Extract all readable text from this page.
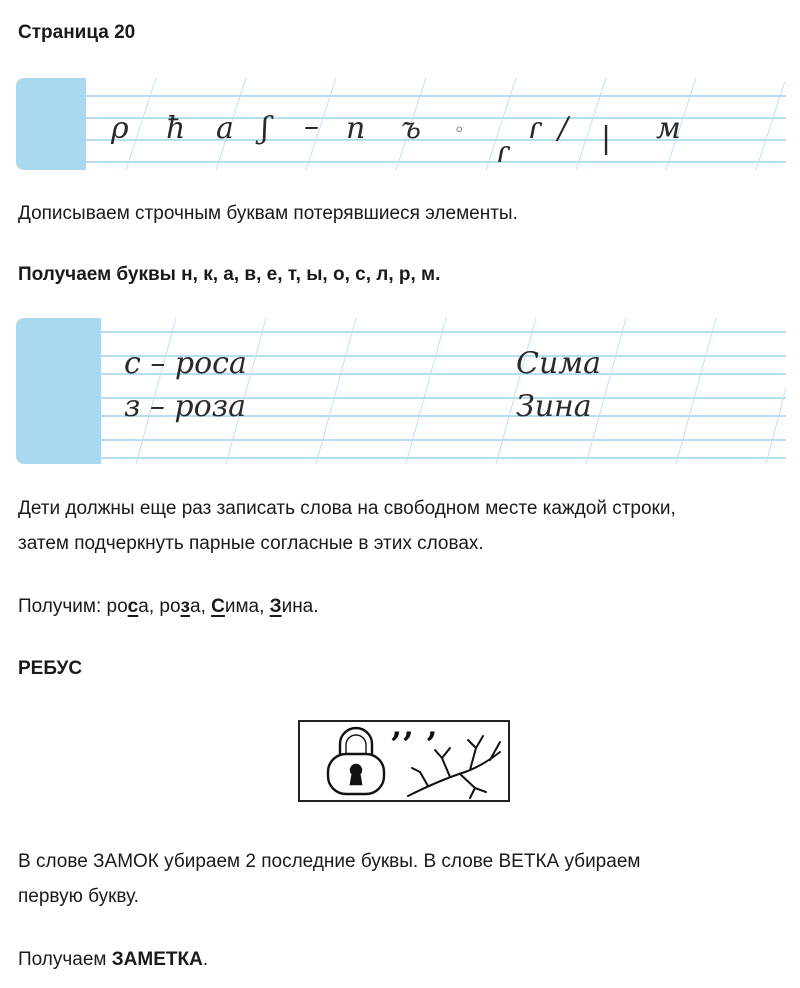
Страница 20
ρ ħ a ʃ – n ъ ◦
ɾ
ɾ / | м
Дописываем строчным буквам потерявшиеся элементы.
Получаем буквы н, к, а, в, е, т, ы, о, с, л, р, м.
с – роса
з – роза
Сима
Зина
Дети должны еще раз записать слова на свободном месте каждой строки,
затем подчеркнуть парные согласные в этих словах.
Получим: роса, роза, Сима, Зина.
РЕБУС
’’ ’
В слове ЗАМОК убираем 2 последние буквы. В слове ВЕТКА убираем
первую букву.
Получаем ЗАМЕТКА.
